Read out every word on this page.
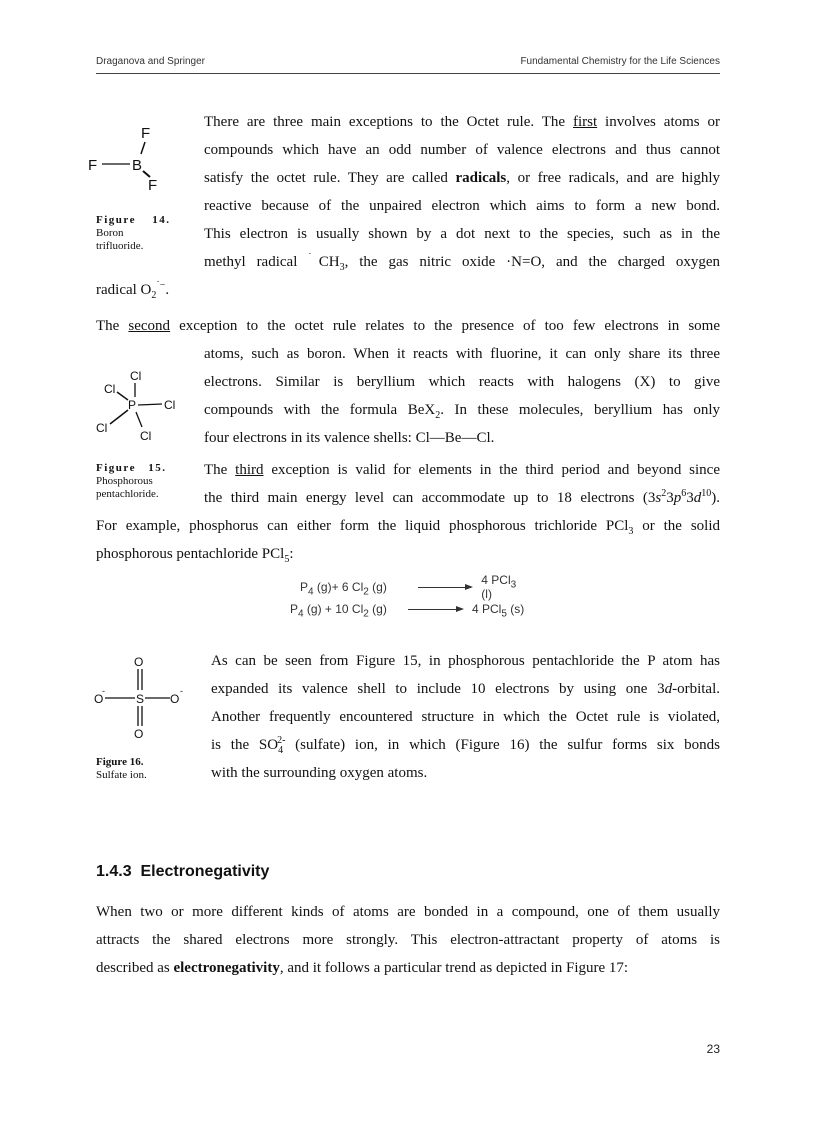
Draganova and Springer	Fundamental Chemistry for the Life Sciences
F
F B
F
Figure 14.
Boron
trifluoride.
There are three main exceptions to the Octet rule. The first involves atoms or
compounds which have an odd number of valence electrons and thus cannot
satisfy the octet rule. They are called radicals, or free radicals, and are highly
reactive because of the unpaired electron which aims to form a new bond.
This electron is usually shown by a dot next to the species, such as in the
methyl radical $^˙CH_3$, the gas nitric oxide ·N=O, and the charged oxygen
radical $O_2^{˙-}$.
The second exception to the octet rule relates to the presence of too few electrons in some
atoms, such as boron. When it reacts with fluorine, it can only share its three
electrons. Similar is beryllium which reacts with halogens (X) to give
compounds with the formula BeX$_2$. In these molecules, beryllium has only
four electrons in its valence shells: Cl—Be—Cl.
Cl
Cl
P Cl
Cl
Cl
Figure 15.
Phosphorous
pentachloride.
The third exception is valid for elements in the third period and beyond since
the third main energy level can accommodate up to 18 electrons $(3s^23p^63d^{10})$.
For example, phosphorus can either form the liquid phosphorous trichloride PCl$_3$ or the solid
phosphorous pentachloride PCl$_5$:
$P_4$ (g)+ 6 $Cl_2$ (g)	4 PCl$_3$ (l)
$P_4$ (g) + 10 $Cl_2$ (g)	4 PCl$_5$ (s)
O
O
-
S O
-
O
Figure 16.
Sulfate ion.
As can be seen from Figure 15, in phosphorous pentachloride the P atom has
expanded its valence shell to include 10 electrons by using one 3d-orbital.
Another frequently encountered structure in which the Octet rule is violated,
is the $SO_4^{2-}$ (sulfate) ion, in which (Figure 16) the sulfur forms six bonds
with the surrounding oxygen atoms.
1.4.3  Electronegativity
When two or more different kinds of atoms are bonded in a compound, one of them usually
attracts the shared electrons more strongly. This electron-attractant property of atoms is
described as electronegativity, and it follows a particular trend as depicted in Figure 17:
23
